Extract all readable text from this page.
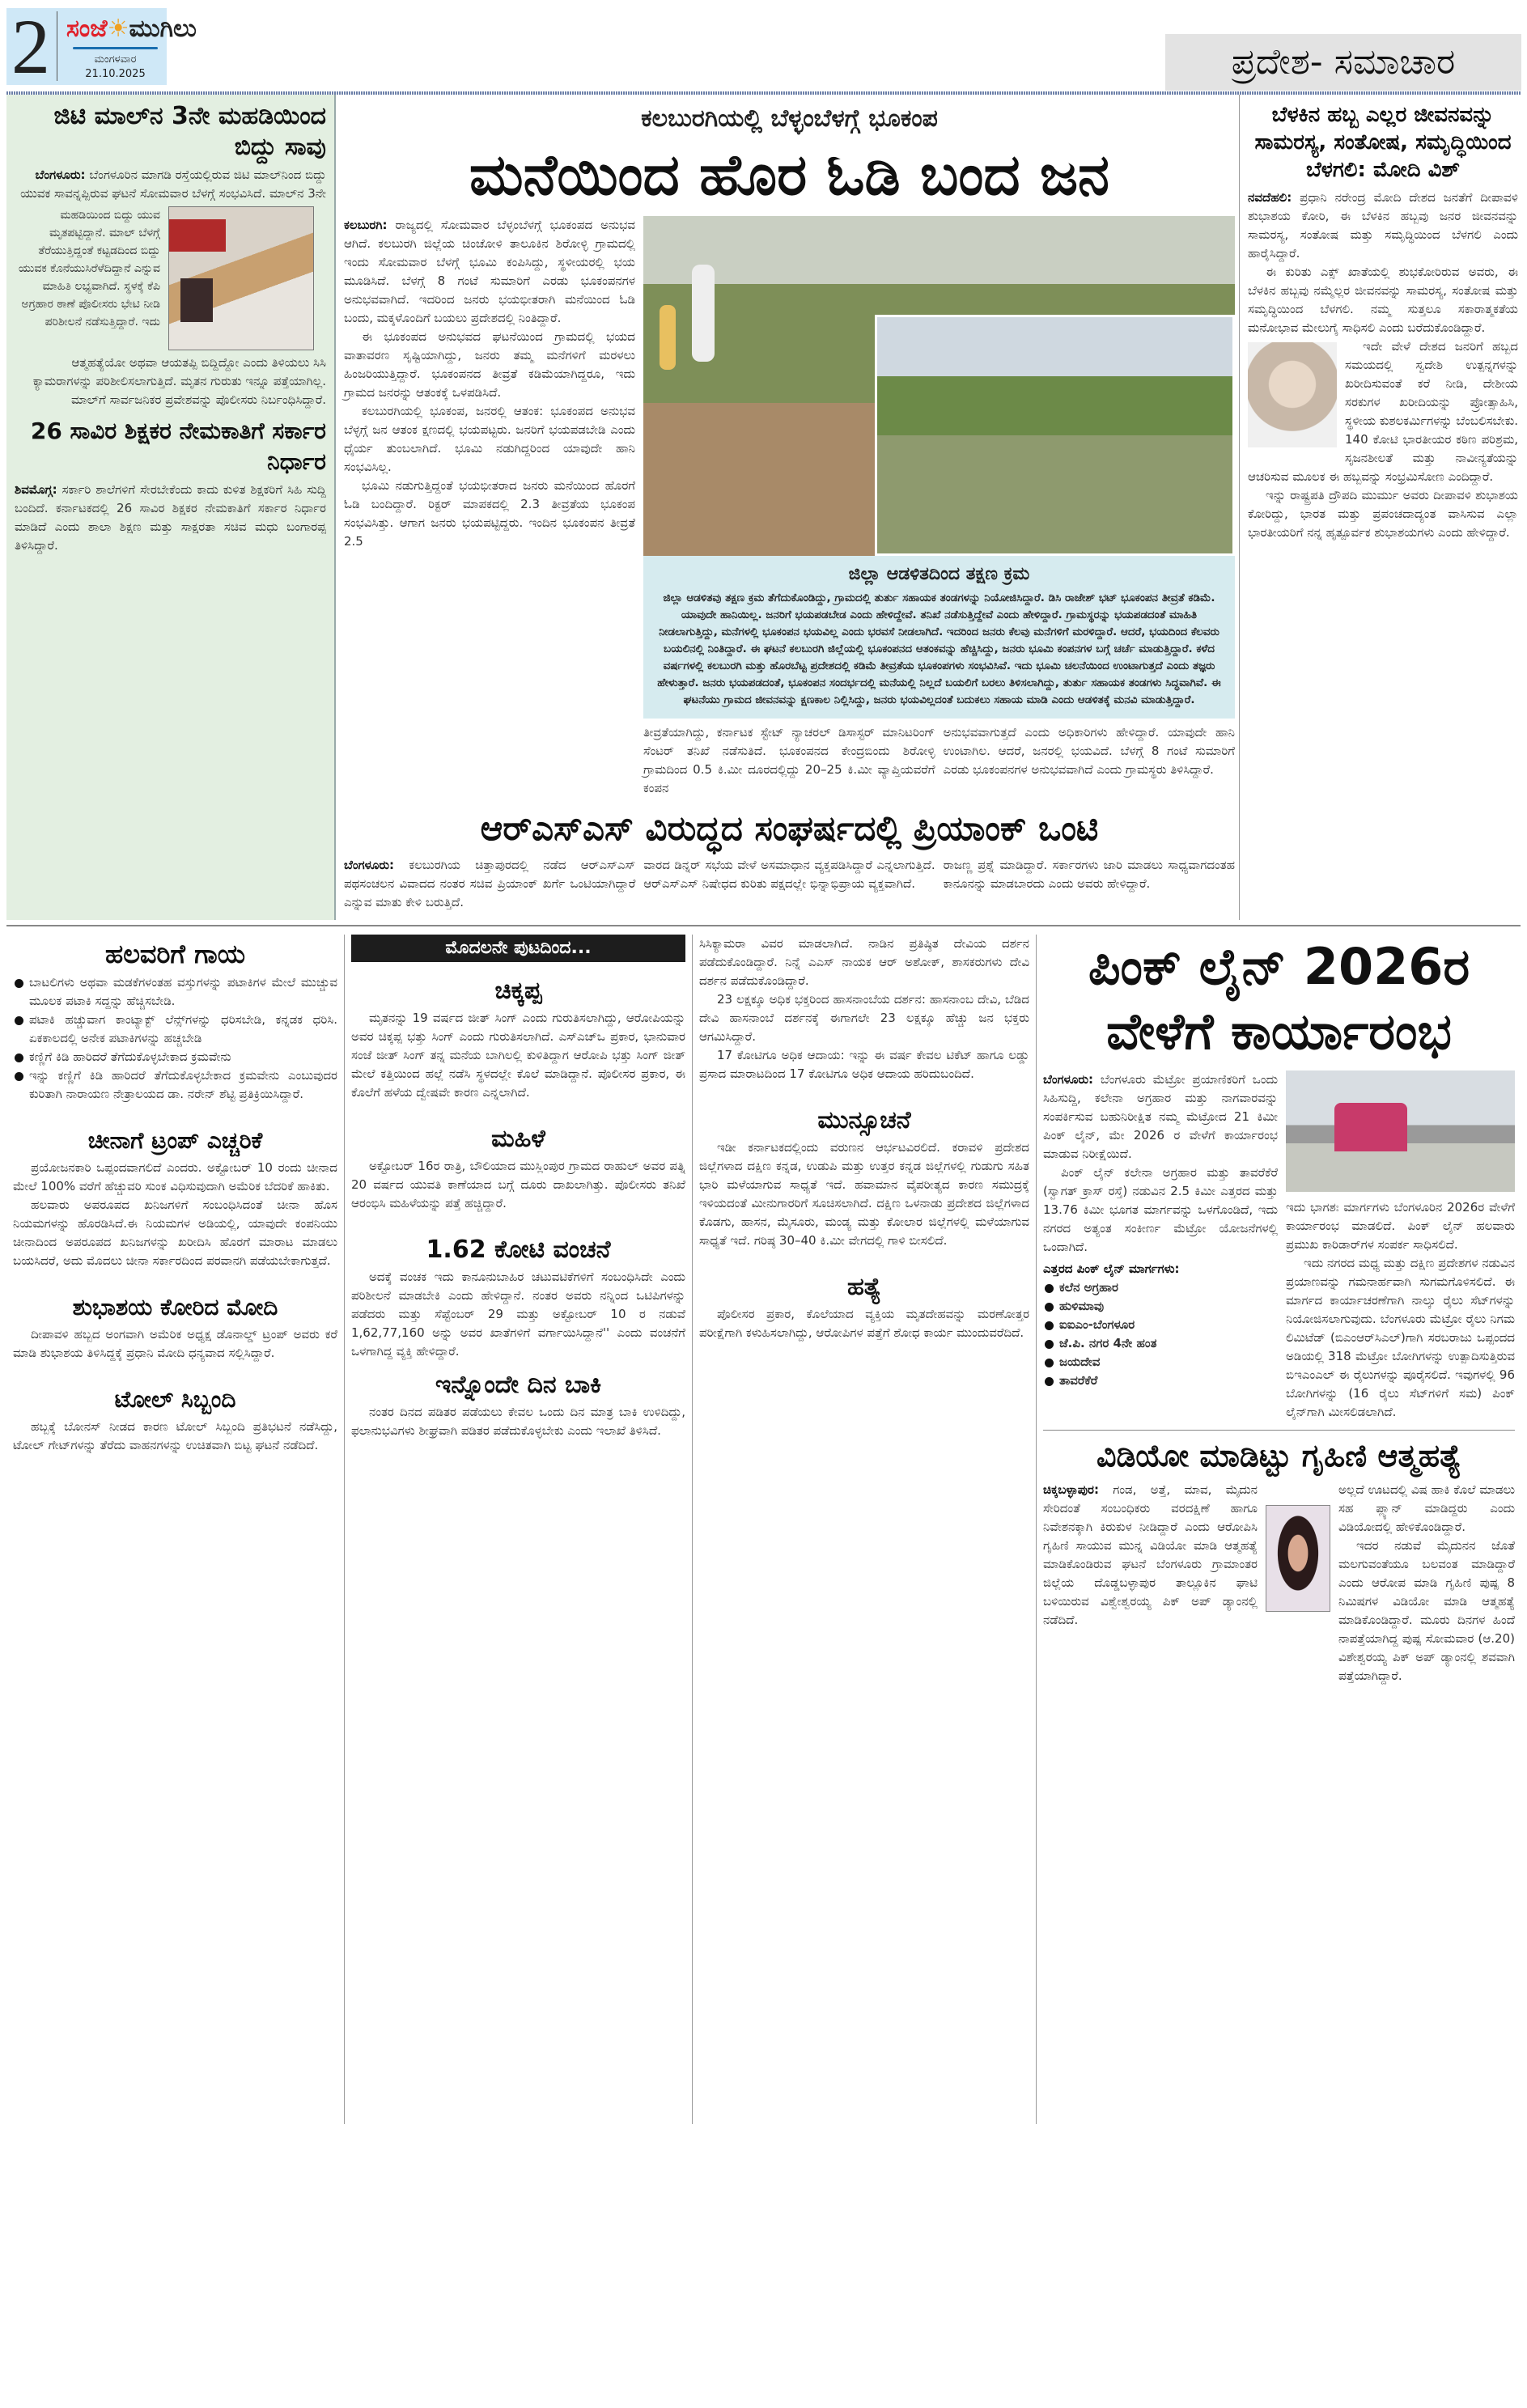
2 ಸಂಜೆ☀ಮುಗಿಲು
ಮಂಗಳವಾರ
21.10.2025	ಪ್ರದೇಶ- ಸಮಾಚಾರ
ಜಿಟಿ ಮಾಲ್‌ನ 3ನೇ ಮಹಡಿಯಿಂದ ಬಿದ್ದು ಸಾವು

ಬೆಂಗಳೂರು: ಬೆಂಗಳೂರಿನ ಮಾಗಡಿ ರಸ್ತೆಯಲ್ಲಿರುವ ಜಿಟಿ ಮಾಲ್‌ನಿಂದ ಬಿದ್ದು ಯುವಕ ಸಾವನ್ನಪ್ಪಿರುವ ಘಟನೆ ಸೋಮವಾರ ಬೆಳಗ್ಗೆ ಸಂಭವಿಸಿದೆ. ಮಾಲ್‌ನ 3ನೇ

ಮಹಡಿಯಿಂದ ಬಿದ್ದು ಯುವ ಮೃತಪಟ್ಟಿದ್ದಾನೆ. ಮಾಲ್ ಬೆಳಗ್ಗೆ ತೆರೆಯುತ್ತಿದ್ದಂತೆ ಕಟ್ಟಡದಿಂದ ಬಿದ್ದು ಯುವಕ ಕೊನೆಯುಸಿರೆಳೆದಿದ್ದಾನೆ ಎನ್ನುವ ಮಾಹಿತಿ ಲಭ್ಯವಾಗಿದೆ. ಸ್ಥಳಕ್ಕೆ ಕೆಪಿ ಅಗ್ರಹಾರ ಠಾಣೆ ಪೊಲೀಸರು ಭೇಟಿ ನೀಡಿ ಪರಿಶೀಲನೆ ನಡೆಸುತ್ತಿದ್ದಾರೆ. ಇದು
ಆತ್ಮಹತ್ಯೆಯೋ ಅಥವಾ ಆಯತಪ್ಪಿ ಬಿದ್ದಿದ್ದೋ ಎಂದು ತಿಳಿಯಲು ಸಿಸಿ ಕ್ಯಾಮರಾಗಳನ್ನು ಪರಿಶೀಲಿಸಲಾಗುತ್ತಿದೆ. ಮೃತನ ಗುರುತು ಇನ್ನೂ ಪತ್ತೆಯಾಗಿಲ್ಲ. ಮಾಲ್‌ಗೆ ಸಾರ್ವಜನಿಕರ ಪ್ರವೇಶವನ್ನು ಪೊಲೀಸರು ನಿರ್ಬಂಧಿಸಿದ್ದಾರೆ.
26 ಸಾವಿರ ಶಿಕ್ಷಕರ ನೇಮಕಾತಿಗೆ ಸರ್ಕಾರ ನಿರ್ಧಾರ

ಶಿವಮೊಗ್ಗ: ಸರ್ಕಾರಿ ಶಾಲೆಗಳಿಗೆ ಸೇರಬೇಕೆಂದು ಕಾದು ಕುಳಿತ ಶಿಕ್ಷಕರಿಗೆ ಸಿಹಿ ಸುದ್ದಿ ಬಂದಿದೆ. ಕರ್ನಾಟಕದಲ್ಲಿ 26 ಸಾವಿರ ಶಿಕ್ಷಕರ ನೇಮಕಾತಿಗೆ ಸರ್ಕಾರ ನಿರ್ಧಾರ ಮಾಡಿದೆ ಎಂದು ಶಾಲಾ ಶಿಕ್ಷಣ ಮತ್ತು ಸಾಕ್ಷರತಾ ಸಚಿವ ಮಧು ಬಂಗಾರಪ್ಪ ತಿಳಿಸಿದ್ದಾರೆ.

ಕಲಬುರಗಿಯಲ್ಲಿ ಬೆಳ್ಳಂಬೆಳಗ್ಗೆ ಭೂಕಂಪ
ಮನೆಯಿಂದ ಹೊರ ಓಡಿ ಬಂದ ಜನ

ಕಲಬುರಗಿ: ರಾಜ್ಯದಲ್ಲಿ ಸೋಮವಾರ ಬೆಳ್ಳಂಬೆಳಗ್ಗೆ ಭೂಕಂಪದ ಅನುಭವ ಆಗಿದೆ. ಕಲಬುರಗಿ ಜಿಲ್ಲೆಯ ಚಿಂಚೋಳಿ ತಾಲೂಕಿನ ಶಿರೋಳ್ಳಿ ಗ್ರಾಮದಲ್ಲಿ ಇಂದು ಸೋಮವಾರ ಬೆಳಗ್ಗೆ ಭೂಮಿ ಕಂಪಿಸಿದ್ದು, ಸ್ಥಳೀಯರಲ್ಲಿ ಭಯ ಮೂಡಿಸಿದೆ. ಬೆಳಗ್ಗೆ 8 ಗಂಟೆ ಸುಮಾರಿಗೆ ಎರಡು ಭೂಕಂಪನಗಳ ಅನುಭವವಾಗಿದೆ. ಇದರಿಂದ ಜನರು ಭಯಭೀತರಾಗಿ ಮನೆಯಿಂದ ಓಡಿ ಬಂದು, ಮಕ್ಕಳೊಂದಿಗೆ ಬಯಲು ಪ್ರದೇಶದಲ್ಲಿ ನಿಂತಿದ್ದಾರೆ.

ಈ ಭೂಕಂಪದ ಅನುಭವದ ಘಟನೆಯಿಂದ ಗ್ರಾಮದಲ್ಲಿ ಭಯದ ವಾತಾವರಣ ಸೃಷ್ಟಿಯಾಗಿದ್ದು, ಜನರು ತಮ್ಮ ಮನೆಗಳಿಗೆ ಮರಳಲು ಹಿಂಜರಿಯುತ್ತಿದ್ದಾರೆ. ಭೂಕಂಪನದ ತೀವ್ರತೆ ಕಡಿಮೆಯಾಗಿದ್ದರೂ, ಇದು ಗ್ರಾಮದ ಜನರನ್ನು ಆತಂಕಕ್ಕೆ ಒಳಪಡಿಸಿದೆ.

ಕಲಬುರಗಿಯಲ್ಲಿ ಭೂಕಂಪ, ಜನರಲ್ಲಿ ಆತಂಕ: ಭೂಕಂಪದ ಅನುಭವ ಬೆಳ್ಳಗ್ಗೆ ಜನ ಆತಂಕ ಕ್ಷಣದಲ್ಲಿ ಭಯಪಟ್ಟರು. ಜನರಿಗೆ ಭಯಪಡಬೇಡಿ ಎಂದು ಧೈರ್ಯ ತುಂಬಲಾಗಿದೆ. ಭೂಮಿ ನಡುಗಿದ್ದರಿಂದ ಯಾವುದೇ ಹಾನಿ ಸಂಭವಿಸಿಲ್ಲ.

ಭೂಮಿ ನಡುಗುತ್ತಿದ್ದಂತೆ ಭಯಭೀತರಾದ ಜನರು ಮನೆಯಿಂದ ಹೊರಗೆ ಓಡಿ ಬಂದಿದ್ದಾರೆ. ರಿಕ್ಟರ್ ಮಾಪಕದಲ್ಲಿ 2.3 ತೀವ್ರತೆಯ ಭೂಕಂಪ ಸಂಭವಿಸಿತ್ತು. ಆಗಾಗ ಜನರು ಭಯಪಟ್ಟಿದ್ದರು. ಇಂದಿನ ಭೂಕಂಪನ ತೀವ್ರತೆ 2.5

ಜಿಲ್ಲಾ ಆಡಳಿತದಿಂದ ತಕ್ಷಣ ಕ್ರಮ
ಜಿಲ್ಲಾ ಆಡಳಿತವು ತಕ್ಷಣ ಕ್ರಮ ತೆಗೆದುಕೊಂಡಿದ್ದು, ಗ್ರಾಮದಲ್ಲಿ ತುರ್ತು ಸಹಾಯಕ ತಂಡಗಳನ್ನು ನಿಯೋಜಿಸಿದ್ದಾರೆ. ಡಿಸಿ ರಾಜೇಶ್ ಭಟ್ ಭೂಕಂಪನ ತೀವ್ರತೆ ಕಡಿಮೆ. ಯಾವುದೇ ಹಾನಿಯಿಲ್ಲ. ಜನರಿಗೆ ಭಯಪಡಬೇಡ ಎಂದು ಹೇಳಿದ್ದೇವೆ. ತನಿಖೆ ನಡೆಸುತ್ತಿದ್ದೇವೆ ಎಂದು ಹೇಳಿದ್ದಾರೆ. ಗ್ರಾಮಸ್ಥರನ್ನು ಭಯಪಡದಂತೆ ಮಾಹಿತಿ ನೀಡಲಾಗುತ್ತಿದ್ದು, ಮನೆಗಳಲ್ಲಿ ಭೂಕಂಪನ ಭಯವಿಲ್ಲ ಎಂದು ಭರವಸೆ ನೀಡಲಾಗಿದೆ. ಇದರಿಂದ ಜನರು ಕೆಲವು ಮನೆಗಳಿಗೆ ಮರಳಿದ್ದಾರೆ. ಆದರೆ, ಭಯದಿಂದ ಕೆಲವರು ಬಯಲಿನಲ್ಲಿ ನಿಂತಿದ್ದಾರೆ. ಈ ಘಟನೆ ಕಲಬುರಗಿ ಜಿಲ್ಲೆಯಲ್ಲಿ ಭೂಕಂಪನದ ಆತಂಕವನ್ನು ಹೆಚ್ಚಿಸಿದ್ದು, ಜನರು ಭೂಮಿ ಕಂಪನಗಳ ಬಗ್ಗೆ ಚರ್ಚೆ ಮಾಡುತ್ತಿದ್ದಾರೆ. ಕಳೆದ ವರ್ಷಗಳಲ್ಲಿ ಕಲಬುರಗಿ ಮತ್ತು ಹೊರಬೆಟ್ಟ ಪ್ರದೇಶದಲ್ಲಿ ಕಡಿಮೆ ತೀವ್ರತೆಯ ಭೂಕಂಪಗಳು ಸಂಭವಿಸಿವೆ. ಇದು ಭೂಮಿ ಚಲನೆಯಿಂದ ಉಂಟಾಗುತ್ತದೆ ಎಂದು ತಜ್ಞರು ಹೇಳುತ್ತಾರೆ. ಜನರು ಭಯಪಡದಂತೆ, ಭೂಕಂಪನ ಸಂದರ್ಭದಲ್ಲಿ ಮನೆಯಲ್ಲಿ ನಿಲ್ಲದೆ ಬಯಲಿಗೆ ಬರಲು ತಿಳಿಸಲಾಗಿದ್ದು, ತುರ್ತು ಸಹಾಯಕ ತಂಡಗಳು ಸಿದ್ಧವಾಗಿವೆ. ಈ ಘಟನೆಯು ಗ್ರಾಮದ ಜೀವನವನ್ನು ಕ್ಷಣಕಾಲ ನಿಲ್ಲಿಸಿದ್ದು, ಜನರು ಭಯವಿಲ್ಲದಂತೆ ಬದುಕಲು ಸಹಾಯ ಮಾಡಿ ಎಂದು ಆಡಳಿತಕ್ಕೆ ಮನವಿ ಮಾಡುತ್ತಿದ್ದಾರೆ.
ತೀವ್ರತೆಯಾಗಿದ್ದು, ಕರ್ನಾಟಕ ಸ್ಟೇಟ್ ನ್ಯಾಚರಲ್ ಡಿಸಾಸ್ಟರ್ ಮಾನಿಟರಿಂಗ್ ಸೆಂಟರ್ ತನಿಖೆ ನಡೆಸುತಿದೆ. ಭೂಕಂಪನದ ಕೇಂದ್ರಬಿಂದು ಶಿರೋಳ್ಳಿ ಗ್ರಾಮದಿಂದ 0.5 ಕಿ.ಮೀ ದೂರದಲ್ಲಿದ್ದು 20–25 ಕಿ.ಮೀ ವ್ಯಾಪ್ತಿಯವರೆಗೆ ಕಂಪನ
ಅನುಭವವಾಗುತ್ತದೆ ಎಂದು ಅಧಿಕಾರಿಗಳು ಹೇಳಿದ್ದಾರೆ. ಯಾವುದೇ ಹಾನಿ ಉಂಟಾಗಿಲ. ಆದರೆ, ಜನರಲ್ಲಿ ಭಯವಿದೆ. ಬೆಳಗ್ಗೆ 8 ಗಂಟೆ ಸುಮಾರಿಗೆ ಎರಡು ಭೂಕಂಪನಗಳ ಅನುಭವವಾಗಿದೆ ಎಂದು ಗ್ರಾಮಸ್ಥರು ತಿಳಿಸಿದ್ದಾರೆ.
ಆರ್‌ಎಸ್‌ಎಸ್ ವಿರುದ್ಧದ ಸಂಘರ್ಷದಲ್ಲಿ ಪ್ರಿಯಾಂಕ್ ಒಂಟಿ

ಬೆಂಗಳೂರು: ಕಲಬುರಗಿಯ ಚಿತ್ತಾಪುರದಲ್ಲಿ ನಡೆದ ಆರ್‌ಎಸ್‌ಎಸ್ ಪಥಸಂಚಲನ ವಿವಾದದ ನಂತರ ಸಚಿವ ಪ್ರಿಯಾಂಕ್ ಖರ್ಗೆ ಒಂಟಿಯಾಗಿದ್ದಾರೆ ಎನ್ನುವ ಮಾತು ಕೇಳಿ ಬರುತ್ತಿದೆ.

ವಾರದ ಡಿನ್ನರ್ ಸಭೆಯ ವೇಳೆ ಅಸಮಾಧಾನ ವ್ಯಕ್ತಪಡಿಸಿದ್ದಾರೆ ಎನ್ನಲಾಗುತ್ತಿದೆ. ಆರ್‌ಎಸ್‌ಎಸ್ ನಿಷೇಧದ ಕುರಿತು ಪಕ್ಷದಲ್ಲೇ ಭಿನ್ನಾಭಿಪ್ರಾಯ ವ್ಯಕ್ತವಾಗಿದೆ.
ರಾಜಣ್ಣ ಪ್ರಶ್ನೆ ಮಾಡಿದ್ದಾರೆ. ಸರ್ಕಾರಗಳು ಜಾರಿ ಮಾಡಲು ಸಾಧ್ಯವಾಗದಂತಹ ಕಾನೂನನ್ನು ಮಾಡಬಾರದು ಎಂದು ಅವರು ಹೇಳಿದ್ದಾರೆ.
ಬೆಳಕಿನ ಹಬ್ಬ ಎಲ್ಲರ ಜೀವನವನ್ನು ಸಾಮರಸ್ಯ, ಸಂತೋಷ, ಸಮೃದ್ಧಿಯಿಂದ ಬೆಳಗಲಿ: ಮೋದಿ ವಿಶ್

ನವದೆಹಲಿ: ಪ್ರಧಾನಿ ನರೇಂದ್ರ ಮೋದಿ ದೇಶದ ಜನತೆಗೆ ದೀಪಾವಳಿ ಶುಭಾಶಯ ಕೋರಿ, ಈ ಬೆಳಕಿನ ಹಬ್ಬವು ಜನರ ಜೀವನವನ್ನು ಸಾಮರಸ್ಯ, ಸಂತೋಷ ಮತ್ತು ಸಮೃದ್ಧಿಯಿಂದ ಬೆಳಗಲಿ ಎಂದು ಹಾರೈಸಿದ್ದಾರೆ.

ಈ ಕುರಿತು ಎಕ್ಸ್ ಖಾತೆಯಲ್ಲಿ ಶುಭಕೋರಿರುವ ಅವರು, ಈ ಬೆಳಕಿನ ಹಬ್ಬವು ನಮ್ಮೆಲ್ಲರ ಜೀವನವನ್ನು ಸಾಮರಸ್ಯ, ಸಂತೋಷ ಮತ್ತು ಸಮೃದ್ಧಿಯಿಂದ ಬೆಳಗಲಿ. ನಮ್ಮ ಸುತ್ತಲೂ ಸಕಾರಾತ್ಮಕತೆಯ ಮನೋಭಾವ ಮೇಲುಗೈ ಸಾಧಿಸಲಿ ಎಂದು ಬರೆದುಕೊಂಡಿದ್ದಾರೆ.

ಇದೇ ವೇಳೆ ದೇಶದ ಜನರಿಗೆ ಹಬ್ಬದ ಸಮಯದಲ್ಲಿ ಸ್ವದೇಶಿ ಉತ್ಪನ್ನಗಳನ್ನು ಖರೀದಿಸುವಂತೆ ಕರೆ ನೀಡಿ, ದೇಶೀಯ ಸರಕುಗಳ ಖರೀದಿಯನ್ನು ಪ್ರೋತ್ಸಾಹಿಸಿ, ಸ್ಥಳೀಯ ಕುಶಲಕರ್ಮಿಗಳನ್ನು ಬೆಂಬಲಿಸಬೇಕು. 140 ಕೋಟಿ ಭಾರತೀಯರ ಕಠಿಣ ಪರಿಶ್ರಮ, ಸೃಜನಶೀಲತೆ ಮತ್ತು ನಾವೀನ್ಯತೆಯನ್ನು ಆಚರಿಸುವ ಮೂಲಕ ಈ ಹಬ್ಬವನ್ನು ಸಂಭ್ರಮಿಸೋಣ ಎಂದಿದ್ದಾರೆ.

ಇನ್ನು ರಾಷ್ಟ್ರಪತಿ ದ್ರೌಪದಿ ಮುರ್ಮು ಅವರು ದೀಪಾವಳಿ ಶುಭಾಶಯ ಕೋರಿದ್ದು, ಭಾರತ ಮತ್ತು ಪ್ರಪಂಚದಾದ್ಯಂತ ವಾಸಿಸುವ ಎಲ್ಲಾ ಭಾರತೀಯರಿಗೆ ನನ್ನ ಹೃತ್ಪೂರ್ವಕ ಶುಭಾಶಯಗಳು ಎಂದು ಹೇಳಿದ್ದಾರೆ.

ಹಲವರಿಗೆ ಗಾಯ
ಬಾಟಲಿಗಳು ಅಥವಾ ಮಡಕೆಗಳಂತಹ ವಸ್ತುಗಳನ್ನು ಪಟಾಕಿಗಳ ಮೇಲೆ ಮುಚ್ಚುವ ಮೂಲಕ ಪಟಾಕಿ ಸದ್ದನ್ನು ಹೆಚ್ಚಿಸಬೇಡಿ.
ಪಟಾಕಿ ಹಚ್ಚುವಾಗ ಕಾಂಟ್ಯಾಕ್ಟ್ ಲೆನ್ಸ್‌ಗಳನ್ನು ಧರಿಸಬೇಡಿ, ಕನ್ನಡಕ ಧರಿಸಿ. ಏಕಕಾಲದಲ್ಲಿ ಅನೇಕ ಪಟಾಕಿಗಳನ್ನು ಹಚ್ಚಬೇಡಿ
ಕಣ್ಣಿಗೆ ಕಿಡಿ ಹಾರಿದರೆ ತೆಗೆದುಕೊಳ್ಳಬೇಕಾದ ಕ್ರಮವೇನು
ಇನ್ನು ಕಣ್ಣಿಗೆ ಕಿಡಿ ಹಾರಿದರೆ ತೆಗೆದುಕೊಳ್ಳಬೇಕಾದ ಕ್ರಮವೇನು ಎಂಬುವುದರ ಕುರಿತಾಗಿ ನಾರಾಯಣ ನೇತ್ರಾಲಯದ ಡಾ. ನರೇನ್ ಶೆಟ್ಟಿ ಪ್ರತಿಕ್ರಿಯಿಸಿದ್ದಾರೆ.
ಚೀನಾಗೆ ಟ್ರಂಪ್ ಎಚ್ಚರಿಕೆ

ಪ್ರಯೋಜನಕಾರಿ ಒಪ್ಪಂದವಾಗಲಿದೆ ಎಂದರು. ಅಕ್ಟೋಬರ್ 10 ರಂದು ಚೀನಾದ ಮೇಲೆ 100% ವರೆಗೆ ಹೆಚ್ಚುವರಿ ಸುಂಕ ವಿಧಿಸುವುದಾಗಿ ಅಮೆರಿಕ ಬೆದರಿಕೆ ಹಾಕಿತು.

ಹಲವಾರು ಅಪರೂಪದ ಖನಿಜಗಳಿಗೆ ಸಂಬಂಧಿಸಿದಂತೆ ಚೀನಾ ಹೊಸ ನಿಯಮಗಳನ್ನು ಹೊರಡಿಸಿದೆ.ಈ ನಿಯಮಗಳ ಅಡಿಯಲ್ಲಿ, ಯಾವುದೇ ಕಂಪನಿಯು ಚೀನಾದಿಂದ ಅಪರೂಪದ ಖನಿಜಗಳನ್ನು ಖರೀದಿಸಿ ಹೊರಗೆ ಮಾರಾಟ ಮಾಡಲು ಬಯಸಿದರೆ, ಅದು ಮೊದಲು ಚೀನಾ ಸರ್ಕಾರದಿಂದ ಪರವಾನಗಿ ಪಡೆಯಬೇಕಾಗುತ್ತದೆ.

ಶುಭಾಶಯ ಕೋರಿದ ಮೋದಿ

ದೀಪಾವಳಿ ಹಬ್ಬದ ಅಂಗವಾಗಿ ಅಮೆರಿಕ ಅಧ್ಯಕ್ಷ ಡೊನಾಲ್ಡ್ ಟ್ರಂಪ್ ಅವರು ಕರೆ ಮಾಡಿ ಶುಭಾಶಯ ತಿಳಿಸಿದ್ದಕ್ಕೆ ಪ್ರಧಾನಿ ಮೋದಿ ಧನ್ಯವಾದ ಸಲ್ಲಿಸಿದ್ದಾರೆ.

ಟೋಲ್ ಸಿಬ್ಬಂದಿ

ಹಬ್ಬಕ್ಕೆ ಬೋನಸ್ ನೀಡದ ಕಾರಣ ಟೋಲ್ ಸಿಬ್ಬಂದಿ ಪ್ರತಿಭಟನೆ ನಡೆಸಿದ್ದು, ಟೋಲ್ ಗೇಟ್‌ಗಳನ್ನು ತೆರೆದು ವಾಹನಗಳನ್ನು ಉಚಿತವಾಗಿ ಬಿಟ್ಟ ಘಟನೆ ನಡೆದಿದೆ.

ಮೊದಲನೇ ಪುಟದಿಂದ...
ಚಿಕ್ಕಪ್ಪ

ಮೃತನನ್ನು 19 ವರ್ಷದ ಜೀತ್ ಸಿಂಗ್ ಎಂದು ಗುರುತಿಸಲಾಗಿದ್ದು, ಆರೋಪಿಯನ್ನು ಅವರ ಚಿಕ್ಕಪ್ಪ ಭತ್ತು ಸಿಂಗ್ ಎಂದು ಗುರುತಿಸಲಾಗಿದೆ. ಎಸ್‌ಎಚ್‌ಒ ಪ್ರಕಾರ, ಭಾನುವಾರ ಸಂಜೆ ಜೀತ್ ಸಿಂಗ್ ತನ್ನ ಮನೆಯ ಬಾಗಿಲಲ್ಲಿ ಕುಳಿತಿದ್ದಾಗ ಆರೋಪಿ ಭತ್ತು ಸಿಂಗ್ ಜೀತ್ ಮೇಲೆ ಕತ್ತಿಯಿಂದ ಹಲ್ಲೆ ನಡೆಸಿ ಸ್ಥಳದಲ್ಲೇ ಕೊಲೆ ಮಾಡಿದ್ದಾನೆ. ಪೊಲೀಸರ ಪ್ರಕಾರ, ಈ ಕೊಲೆಗೆ ಹಳೆಯ ದ್ವೇಷವೇ ಕಾರಣ ಎನ್ನಲಾಗಿದೆ.

ಮಹಿಳೆ

ಅಕ್ಟೋಬರ್ 16ರ ರಾತ್ರಿ, ಬೌಲಿಯಾದ ಮುಸ್ಲಿಂಪುರ ಗ್ರಾಮದ ರಾಹುಲ್ ಅವರ ಪತ್ನಿ 20 ವರ್ಷದ ಯುವತಿ ಕಾಣೆಯಾದ ಬಗ್ಗೆ ದೂರು ದಾಖಲಾಗಿತ್ತು. ಪೊಲೀಸರು ತನಿಖೆ ಆರಂಭಿಸಿ ಮಹಿಳೆಯನ್ನು ಪತ್ತೆ ಹಚ್ಚಿದ್ದಾರೆ.

1.62 ಕೋಟಿ ವಂಚನೆ

ಅದಕ್ಕೆ ವಂಚಕ ಇದು ಕಾನೂನುಬಾಹಿರ ಚಟುವಟಿಕೆಗಳಿಗೆ ಸಂಬಂಧಿಸಿದೇ ಎಂದು ಪರಿಶೀಲನೆ ಮಾಡಬೇಕಿ ಎಂದು ಹೇಳಿದ್ದಾನೆ. ನಂತರ ಅವರು ನನ್ನಿಂದ ಒಟಿಪಿಗಳನ್ನು ಪಡೆದರು ಮತ್ತು ಸೆಪ್ಟೆಂಬರ್ 29 ಮತ್ತು ಅಕ್ಟೋಬರ್ 10 ರ ನಡುವೆ 1,62,77,160 ಅನ್ನು ಅವರ ಖಾತೆಗಳಿಗೆ ವರ್ಗಾಯಿಸಿದ್ದಾನೆ'' ಎಂದು ವಂಚನೆಗೆ ಒಳಗಾಗಿದ್ದ ವ್ಯಕ್ತಿ ಹೇಳಿದ್ದಾರೆ.

ಇನ್ನೊಂದೇ ದಿನ ಬಾಕಿ

ನಂತರ ದಿನದ ಪಡಿತರ ಪಡೆಯಲು ಕೇವಲ ಒಂದು ದಿನ ಮಾತ್ರ ಬಾಕಿ ಉಳಿದಿದ್ದು, ಫಲಾನುಭವಿಗಳು ಶೀಘ್ರವಾಗಿ ಪಡಿತರ ಪಡೆದುಕೊಳ್ಳಬೇಕು ಎಂದು ಇಲಾಖೆ ತಿಳಿಸಿದೆ.

ಸಿಸಿಕ್ಯಾಮರಾ ವಿವರ ಮಾಡಲಾಗಿದೆ. ನಾಡಿನ ಪ್ರತಿಷ್ಠಿತ ದೇವಿಯ ದರ್ಶನ ಪಡೆದುಕೊಂಡಿದ್ದಾರೆ. ನಿನ್ನೆ ಎಎಸ್ ನಾಯಕ ಆರ್ ಅಶೋಕ್, ಶಾಸಕರುಗಳು ದೇವಿ ದರ್ಶನ ಪಡೆದುಕೊಂಡಿದ್ದಾರೆ.

23 ಲಕ್ಷಕ್ಕೂ ಅಧಿಕ ಭಕ್ತರಿಂದ ಹಾಸನಾಂಬೆಯ ದರ್ಶನ: ಹಾಸನಾಂಬ ದೇವಿ, ಬೆಡಿದ ದೇವಿ ಹಾಸನಾಂಬೆ ದರ್ಶನಕ್ಕೆ ಈಗಾಗಲೇ 23 ಲಕ್ಷಕ್ಕೂ ಹೆಚ್ಚು ಜನ ಭಕ್ತರು ಆಗಮಿಸಿದ್ದಾರೆ.

17 ಕೋಟಿಗೂ ಅಧಿಕ ಆದಾಯ: ಇನ್ನು ಈ ವರ್ಷ ಕೇವಲ ಟಿಕೆಟ್ ಹಾಗೂ ಲಡ್ಡು ಪ್ರಸಾದ ಮಾರಾಟದಿಂದ 17 ಕೋಟಿಗೂ ಅಧಿಕ ಆದಾಯ ಹರಿದುಬಂದಿದೆ.

ಮುನ್ಸೂಚನೆ

ಇಡೀ ಕರ್ನಾಟಕದಲ್ಲಿಂದು ವರುಣನ ಆರ್ಭಟವಿರಲಿದೆ. ಕರಾವಳಿ ಪ್ರದೇಶದ ಜಿಲ್ಲೆಗಳಾದ ದಕ್ಷಿಣ ಕನ್ನಡ, ಉಡುಪಿ ಮತ್ತು ಉತ್ತರ ಕನ್ನಡ ಜಿಲ್ಲೆಗಳಲ್ಲಿ ಗುಡುಗು ಸಹಿತ ಭಾರಿ ಮಳೆಯಾಗುವ ಸಾಧ್ಯತೆ ಇದೆ. ಹವಾಮಾನ ವೈಪರೀತ್ಯದ ಕಾರಣ ಸಮುದ್ರಕ್ಕೆ ಇಳಿಯದಂತೆ ಮೀನುಗಾರರಿಗೆ ಸೂಚಿಸಲಾಗಿದೆ. ದಕ್ಷಿಣ ಒಳನಾಡು ಪ್ರದೇಶದ ಜಿಲ್ಲೆಗಳಾದ ಕೊಡಗು, ಹಾಸನ, ಮೈಸೂರು, ಮಂಡ್ಯ ಮತ್ತು ಕೋಲಾರ ಜಿಲ್ಲೆಗಳಲ್ಲಿ ಮಳೆಯಾಗುವ ಸಾಧ್ಯತೆ ಇದೆ. ಗರಿಷ್ಠ 30–40 ಕಿ.ಮೀ ವೇಗದಲ್ಲಿ ಗಾಳಿ ಬೀಸಲಿದೆ.

ಹತ್ಯೆ

ಪೊಲೀಸರ ಪ್ರಕಾರ, ಕೊಲೆಯಾದ ವ್ಯಕ್ತಿಯ ಮೃತದೇಹವನ್ನು ಮರಣೋತ್ತರ ಪರೀಕ್ಷೆಗಾಗಿ ಕಳುಹಿಸಲಾಗಿದ್ದು, ಆರೋಪಿಗಳ ಪತ್ತೆಗೆ ಶೋಧ ಕಾರ್ಯ ಮುಂದುವರೆದಿದೆ.

ಪಿಂಕ್ ಲೈನ್ 2026ರ ವೇಳೆಗೆ ಕಾರ್ಯಾರಂಭ

ಬೆಂಗಳೂರು: ಬೆಂಗಳೂರು ಮೆಟ್ರೋ ಪ್ರಯಾಣಿಕರಿಗೆ ಒಂದು ಸಿಹಿಸುದ್ದಿ, ಕಲೇನಾ ಅಗ್ರಹಾರ ಮತ್ತು ನಾಗವಾರವನ್ನು ಸಂಪರ್ಕಿಸುವ ಬಹುನಿರೀಕ್ಷಿತ ನಮ್ಮ ಮೆಟ್ರೋದ 21 ಕಿಮೀ ಪಿಂಕ್ ಲೈನ್, ಮೇ 2026 ರ ವೇಳೆಗೆ ಕಾರ್ಯಾರಂಭ ಮಾಡುವ ನಿರೀಕ್ಷೆಯಿದೆ.

ಪಿಂಕ್ ಲೈನ್ ಕಲೇನಾ ಅಗ್ರಹಾರ ಮತ್ತು ತಾವರೆಕೆರೆ (ಸ್ವಾಗತ್ ಕ್ರಾಸ್ ರಸ್ತೆ) ನಡುವಿನ 2.5 ಕಿಮೀ ಎತ್ತರದ ಮತ್ತು 13.76 ಕಿಮೀ ಭೂಗತ ಮಾರ್ಗವನ್ನು ಒಳಗೊಂಡಿದೆ, ಇದು ನಗರದ ಅತ್ಯಂತ ಸಂಕೀರ್ಣ ಮೆಟ್ರೋ ಯೋಜನೆಗಳಲ್ಲಿ ಒಂದಾಗಿದೆ.

ಎತ್ತರದ ಪಿಂಕ್ ಲೈನ್ ಮಾರ್ಗಗಳು:
ಕಲೆನ ಅಗ್ರಹಾರ
ಹುಳಿಮಾವು
ಐಐಎಂ-ಬೆಂಗಳೂರ
ಜೆ.ಪಿ. ನಗರ 4ನೇ ಹಂತ
ಜಯದೇವ
ತಾವರೆಕೆರೆ

ಇದು ಭಾಗಶಃ ಮಾರ್ಗಗಳು ಬೆಂಗಳೂರಿನ 2026ರ ವೇಳೆಗೆ ಕಾರ್ಯಾರಂಭ ಮಾಡಲಿದೆ. ಪಿಂಕ್ ಲೈನ್ ಹಲವಾರು ಪ್ರಮುಖ ಕಾರಿಡಾರ್‌ಗಳ ಸಂಪರ್ಕ ಸಾಧಿಸಲಿದೆ.

ಇದು ನಗರದ ಮಧ್ಯ ಮತ್ತು ದಕ್ಷಿಣ ಪ್ರದೇಶಗಳ ನಡುವಿನ ಪ್ರಯಾಣವನ್ನು ಗಮನಾರ್ಹವಾಗಿ ಸುಗಮಗೊಳಿಸಲಿದೆ. ಈ ಮಾರ್ಗದ ಕಾರ್ಯಾಚರಣೆಗಾಗಿ ನಾಲ್ಕು ರೈಲು ಸೆಟ್‌ಗಳನ್ನು ನಿಯೋಜಿಸಲಾಗುವುದು. ಬೆಂಗಳೂರು ಮೆಟ್ರೋ ರೈಲು ನಿಗಮ ಲಿಮಿಟೆಡ್ (ಬಿಎಂಆರ್‌ಸಿಎಲ್)ಗಾಗಿ ಸರಬರಾಜು ಒಪ್ಪಂದದ ಅಡಿಯಲ್ಲಿ 318 ಮೆಟ್ರೋ ಬೋಗಿಗಳನ್ನು ಉತ್ಪಾದಿಸುತ್ತಿರುವ ಬಿಇಎಂಎಲ್ ಈ ರೈಲುಗಳನ್ನು ಪೂರೈಸಲಿದೆ. ಇವುಗಳಲ್ಲಿ 96 ಬೋಗಿಗಳನ್ನು (16 ರೈಲು ಸೆಟ್‌ಗಳಿಗೆ ಸಮ) ಪಿಂಕ್ ಲೈನ್‌ಗಾಗಿ ಮೀಸಲಿಡಲಾಗಿದೆ.

ವಿಡಿಯೋ ಮಾಡಿಟ್ಟು ಗೃಹಿಣಿ ಆತ್ಮಹತ್ಯೆ

ಚಿಕ್ಕಬಳ್ಳಾಪುರ: ಗಂಡ, ಅತ್ತೆ, ಮಾವ, ಮೈದುನ ಸೇರಿದಂತೆ ಸಂಬಂಧಿಕರು ವರದಕ್ಷಿಣೆ ಹಾಗೂ ನಿವೇಶನಕ್ಕಾಗಿ ಕಿರುಕುಳ ನೀಡಿದ್ದಾರೆ ಎಂದು ಆರೋಪಿಸಿ ಗೃಹಿಣಿ ಸಾಯುವ ಮುನ್ನ ವಿಡಿಯೋ ಮಾಡಿ ಆತ್ಮಹತ್ಯೆ ಮಾಡಿಕೊಂಡಿರುವ ಘಟನೆ ಬೆಂಗಳೂರು ಗ್ರಾಮಾಂತರ ಜಿಲ್ಲೆಯ ದೊಡ್ಡಬಳ್ಳಾಪುರ ತಾಲ್ಲೂಕಿನ ಘಾಟಿ ಬಳಿಯಿರುವ ವಿಶ್ವೇಶ್ವರಯ್ಯ ಪಿಕ್ ಅಪ್ ಡ್ಯಾಂನಲ್ಲಿ ನಡೆದಿದೆ.

ಅಲ್ಲದೆ ಊಟದಲ್ಲಿ ವಿಷ ಹಾಕಿ ಕೊಲೆ ಮಾಡಲು ಸಹ ಪ್ಲ್ಯಾನ್ ಮಾಡಿದ್ದರು ಎಂದು ವಿಡಿಯೋದಲ್ಲಿ ಹೇಳಿಕೊಂಡಿದ್ದಾರೆ.

ಇದರ ನಡುವೆ ಮೈದುನನ ಜೊತೆ ಮಲಗುವಂತೆಯೂ ಬಲವಂತ ಮಾಡಿದ್ದಾರೆ ಎಂದು ಆರೋಪ ಮಾಡಿ ಗೃಹಿಣಿ ಪುಷ್ಪ 8 ನಿಮಿಷಗಳ ವಿಡಿಯೋ ಮಾಡಿ ಆತ್ಮಹತ್ಯೆ ಮಾಡಿಕೊಂಡಿದ್ದಾರೆ. ಮೂರು ದಿನಗಳ ಹಿಂದೆ ನಾಪತ್ತೆಯಾಗಿದ್ದ ಪುಷ್ಪ ಸೋಮವಾರ (ಆ.20) ವಿಶೇಶ್ವರಯ್ಯ ಪಿಕ್ ಅಪ್ ಡ್ಯಾಂನಲ್ಲಿ ಶವವಾಗಿ ಪತ್ತೆಯಾಗಿದ್ದಾರೆ.
